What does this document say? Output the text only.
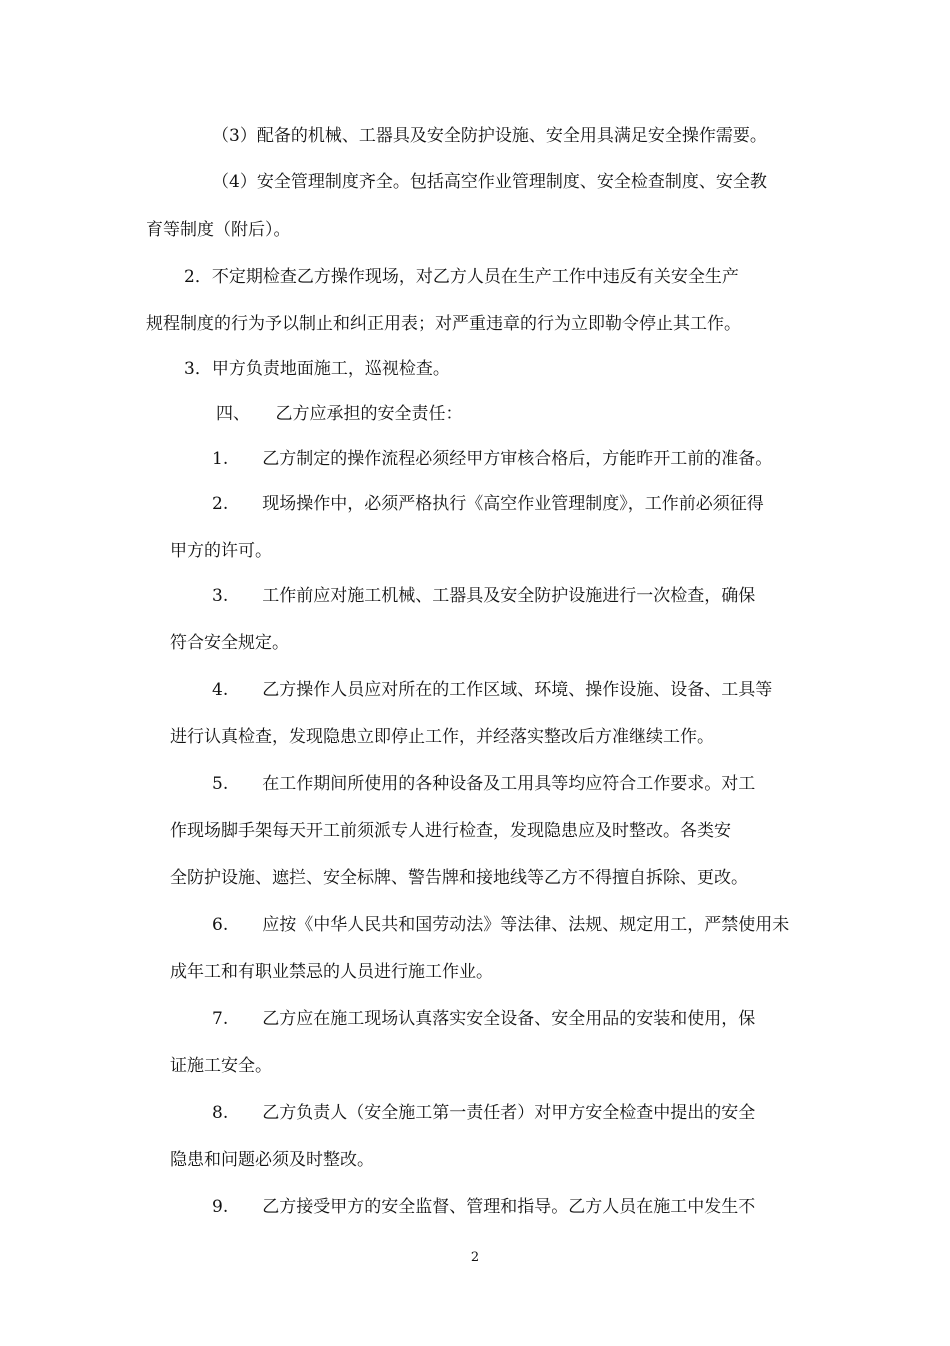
（3）配备的机械、工器具及安全防护设施、安全用具满足安全操作需要。
（4）安全管理制度齐全。包括高空作业管理制度、安全检查制度、安全教
育等制度（附后）。
2．不定期检查乙方操作现场，对乙方人员在生产工作中违反有关安全生产
规程制度的行为予以制止和纠正用表；对严重违章的行为立即勒令停止其工作。
3．甲方负责地面施工，巡视检查。
四、　　乙方应承担的安全责任：
1.　　乙方制定的操作流程必须经甲方审核合格后，方能昨开工前的准备。
2.　　现场操作中，必须严格执行《高空作业管理制度》，工作前必须征得
甲方的许可。
3.　　工作前应对施工机械、工器具及安全防护设施进行一次检查，确保
符合安全规定。
4.　　乙方操作人员应对所在的工作区域、环境、操作设施、设备、工具等
进行认真检查，发现隐患立即停止工作，并经落实整改后方准继续工作。
5.　　在工作期间所使用的各种设备及工用具等均应符合工作要求。对工
作现场脚手架每天开工前须派专人进行检查，发现隐患应及时整改。各类安
全防护设施、遮拦、安全标牌、警告牌和接地线等乙方不得擅自拆除、更改。
6.　　应按《中华人民共和国劳动法》等法律、法规、规定用工，严禁使用未
成年工和有职业禁忌的人员进行施工作业。
7.　　乙方应在施工现场认真落实安全设备、安全用品的安装和使用，保
证施工安全。
8.　　乙方负责人（安全施工第一责任者）对甲方安全检查中提出的安全
隐患和问题必须及时整改。
9.　　乙方接受甲方的安全监督、管理和指导。乙方人员在施工中发生不
2
